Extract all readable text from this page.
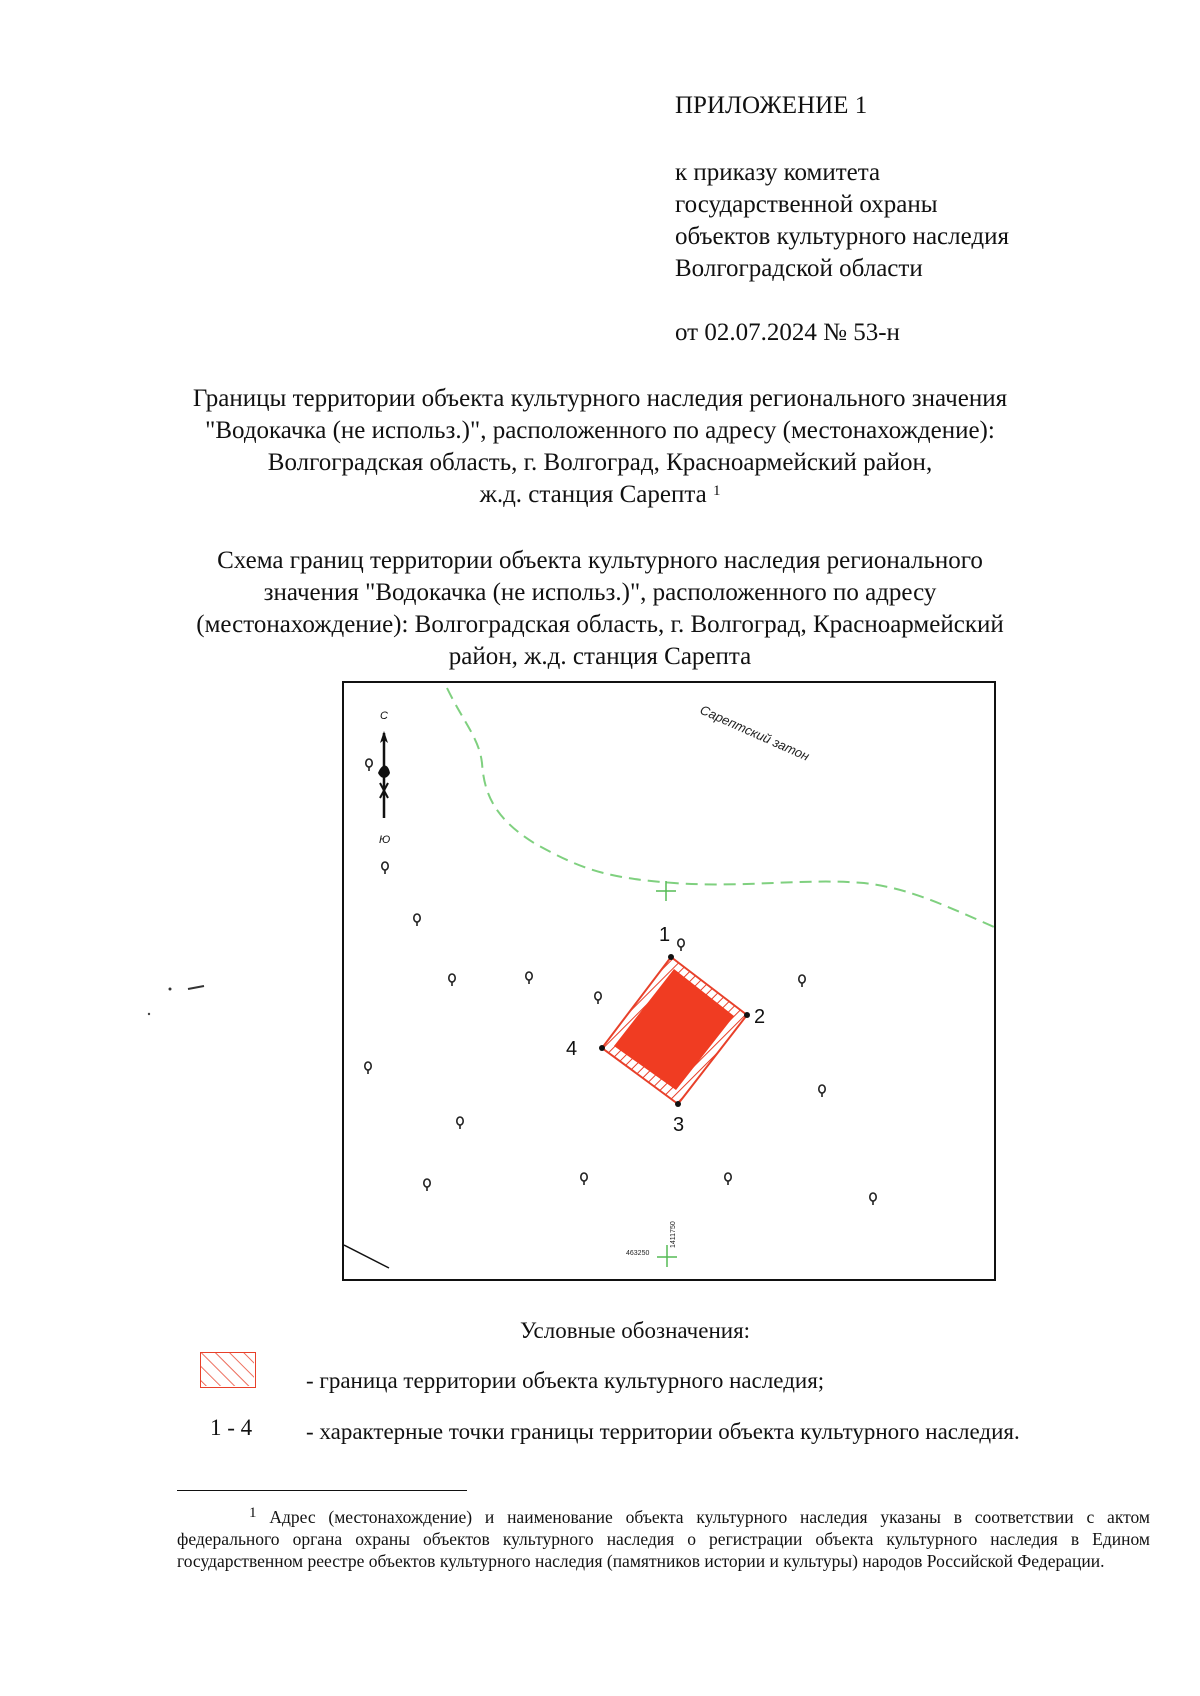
ПРИЛОЖЕНИЕ 1
к приказу комитета
государственной охраны
объектов культурного наследия
Волгоградской области
от 02.07.2024 № 53-н
Границы территории объекта культурного наследия регионального значения
"Водокачка (не использ.)", расположенного по адресу (местонахождение):
Волгоградская область, г. Волгоград, Красноармейский район,
ж.д. станция Сарепта $^1$
Схема границ территории объекта культурного наследия регионального
значения "Водокачка (не использ.)", расположенного по адресу
(местонахождение): Волгоградская область, г. Волгоград, Красноармейский
район, ж.д. станция Сарепта
Сарептский затон
С
Ю
463250
1411750
1
2
3
4
Условные обозначения:
- граница территории объекта культурного наследия;
1 - 4 - характерные точки границы территории объекта культурного наследия.
$^1$ Адрес (местонахождение) и наименование объекта культурного наследия указаны в соответствии с актом федерального органа охраны объектов культурного наследия о регистрации объекта культурного наследия в Едином государственном реестре объектов культурного наследия (памятников истории и культуры) народов Российской Федерации.
